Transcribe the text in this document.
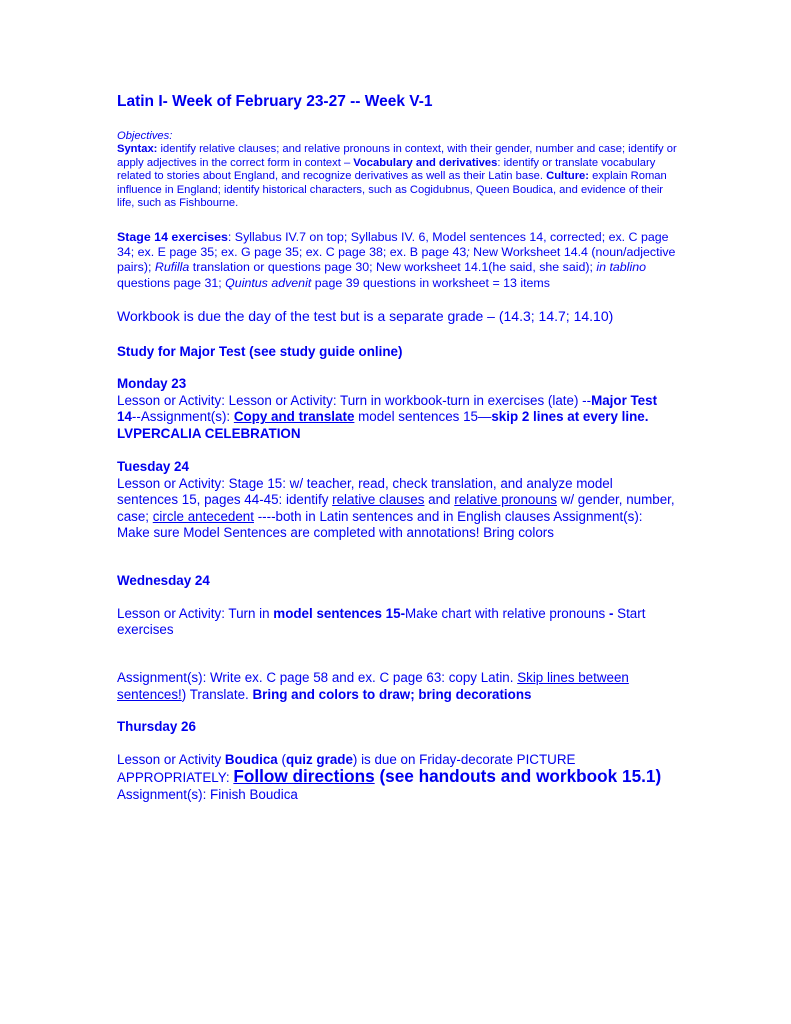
Latin I- Week of February 23-27 -- Week V-1
Objectives:
Syntax: identify relative clauses; and relative pronouns in context, with their gender, number and case; identify or apply adjectives in the correct form in context – Vocabulary and derivatives: identify or translate vocabulary related to stories about England, and recognize derivatives as well as their Latin base. Culture: explain Roman influence in England; identify historical characters, such as Cogidubnus, Queen Boudica, and evidence of their life, such as Fishbourne.
Stage 14 exercises: Syllabus IV.7 on top; Syllabus IV. 6, Model sentences 14, corrected; ex. C page 34; ex. E page 35; ex. G page 35; ex. C page 38; ex. B page 43; New Worksheet 14.4 (noun/adjective pairs); Rufilla translation or questions page 30; New worksheet 14.1(he said, she said); in tablino questions page 31; Quintus advenit page 39 questions in worksheet = 13 items
Workbook is due the day of the test but is a separate grade – (14.3; 14.7; 14.10)
Study for Major Test (see study guide online)
Monday 23
Lesson or Activity: Lesson or Activity: Turn in workbook-turn in exercises (late) --Major Test 14--Assignment(s): Copy and translate model sentences 15—skip 2 lines at every line. LVPERCALIA CELEBRATION
Tuesday 24
Lesson or Activity: Stage 15: w/ teacher, read, check translation, and analyze model sentences 15, pages 44-45: identify relative clauses and relative pronouns w/ gender, number, case; circle antecedent ----both in Latin sentences and in English clauses Assignment(s): Make sure Model Sentences are completed with annotations! Bring colors
Wednesday 24
Lesson or Activity: Turn in model sentences 15-Make chart with relative pronouns - Start exercises
Assignment(s): Write ex. C page 58 and ex. C page 63: copy Latin. Skip lines between sentences!) Translate. Bring and colors to draw; bring decorations
Thursday 26
Lesson or Activity Boudica (quiz grade) is due on Friday-decorate PICTURE APPROPRIATELY: Follow directions (see handouts and workbook 15.1) Assignment(s): Finish Boudica
